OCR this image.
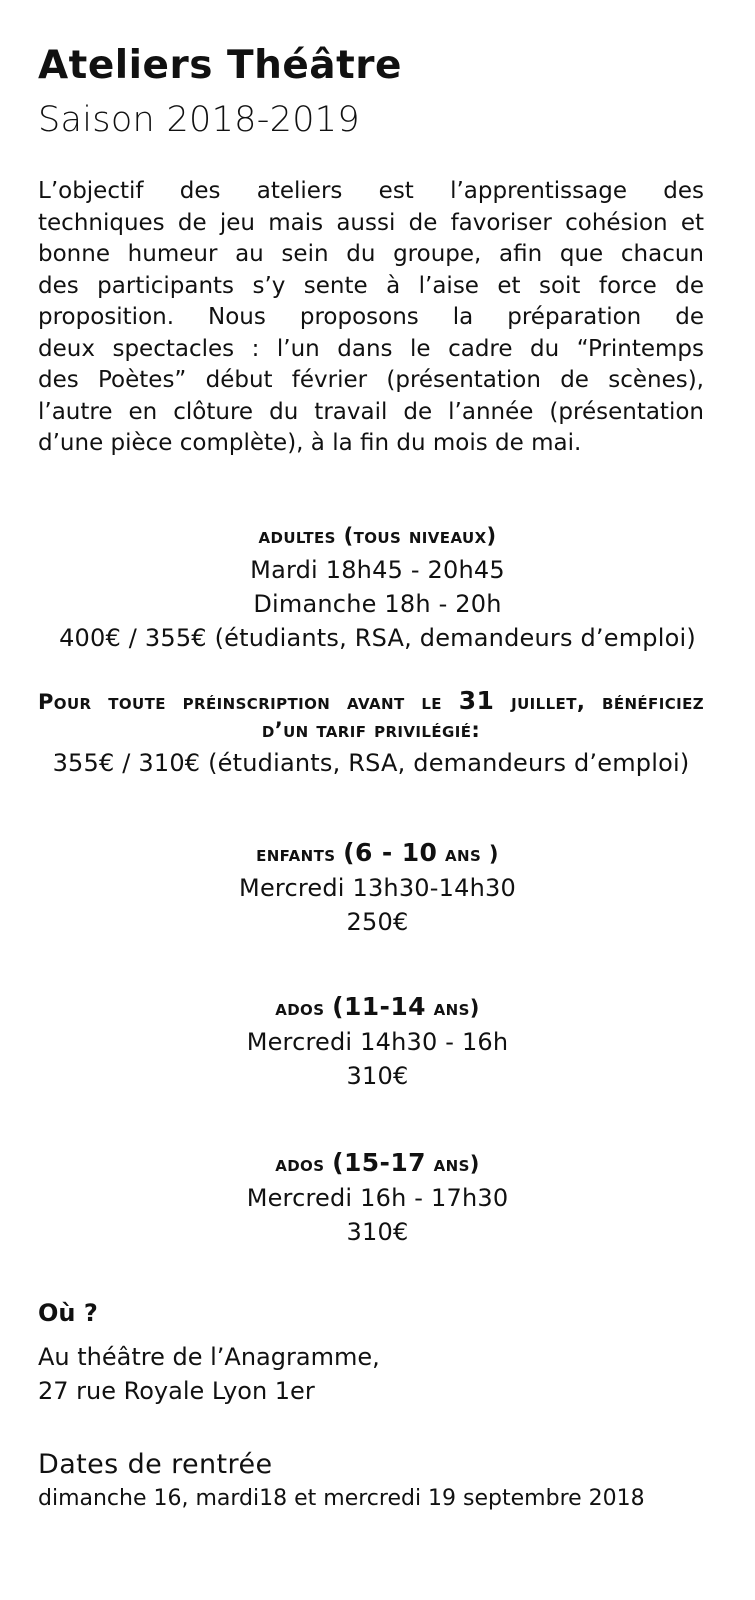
Ateliers Théâtre
Saison 2018-2019
L’objectif des ateliers est l’apprentissage des
techniques de jeu mais aussi de favoriser cohésion et
bonne humeur au sein du groupe, afin que chacun
des participants s’y sente à l’aise et soit force de
proposition. Nous proposons la préparation de
deux spectacles : l’un dans le cadre du “Printemps
des Poètes” début février (présentation de scènes),
l’autre en clôture du travail de l’année (présentation
d’une pièce complète), à la fin du mois de mai.
adultes (tous niveaux)
Mardi 18h45 - 20h45
Dimanche 18h - 20h
400€ / 355€ (étudiants, RSA, demandeurs d’emploi)
Pour toute préinscription avant le 31 juillet, bénéficiez
d’un tarif privilégié:
355€ / 310€ (étudiants, RSA, demandeurs d’emploi)
enfants (6 - 10 ans )
Mercredi 13h30-14h30
250€
ados (11-14 ans)
Mercredi 14h30 - 16h
310€
ados (15-17 ans)
Mercredi 16h - 17h30
310€
Où ?
Au théâtre de l’Anagramme,
27 rue Royale Lyon 1er
Dates de rentrée
dimanche 16, mardi18 et mercredi 19 septembre 2018
